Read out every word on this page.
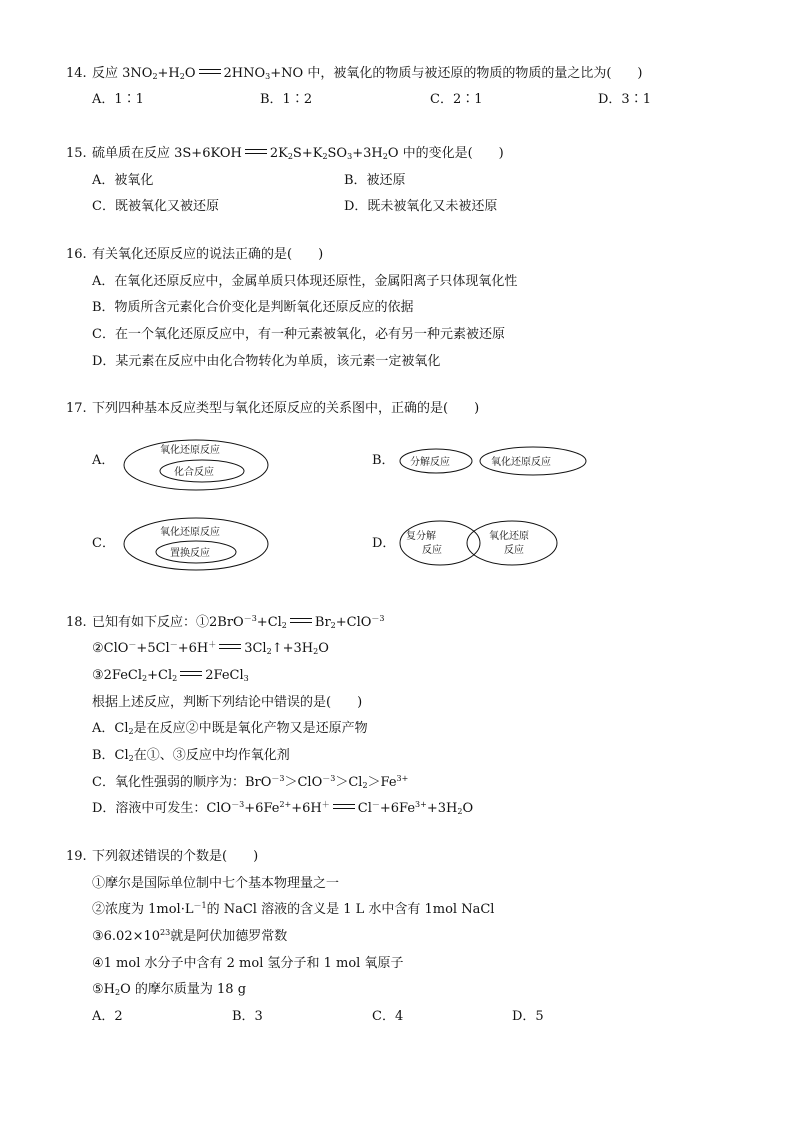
14. 反应 $3NO_2+H_2O$ $2HNO_3+NO$ 中，被氧化的物质与被还原的物质的物质的量之比为(　　)
A．1∶1	B．1∶2	C．2∶1	D．3∶1
15. 硫单质在反应 3S+6KOH $2K_2S+K_2SO_3+3H_2O$ 中的变化是(　　)
A．被氧化	B．被还原
C．既被氧化又被还原	D．既未被氧化又未被还原
16. 有关氧化还原反应的说法正确的是(　　)
A．在氧化还原反应中，金属单质只体现还原性，金属阳离子只体现氧化性
B．物质所含元素化合价变化是判断氧化还原反应的依据
C．在一个氧化还原反应中，有一种元素被氧化，必有另一种元素被还原
D．某元素在反应中由化合物转化为单质，该元素一定被氧化
17. 下列四种基本反应类型与氧化还原反应的关系图中，正确的是(　　)
A．
氧化还原反应
化合反应
B． 分解反应	氧化还原反应
C．
氧化还原反应
置换反应
D． 复分解
反应
氧化还原
反应
18. 已知有如下反应：$①2BrO^{-3}+Cl_2$ $Br_2+ClO^{-3}$
②ClO－+5Cl－+6H＋ $3Cl_2↑+3H_2O$
$③2FeCl_2+Cl_2$ 2FeCl$_3$
根据上述反应，判断下列结论中错误的是(　　)
A．$Cl_2$是在反应②中既是氧化产物又是还原产物
B．$Cl_2$在①、③反应中均作氧化剂
C．氧化性强弱的顺序为：$BrO^{-3}>ClO^{-3}>Cl_2>Fe^{3+}$
D．溶液中可发生：$ClO^{-3}+6Fe^{2+}+6H^+$ $Cl^-+6Fe^{3+}+3H_2O$
19. 下列叙述错误的个数是(　　)
①摩尔是国际单位制中七个基本物理量之一
②浓度为 $1mol\cdot L^{-1}$的 NaCl 溶液的含义是 1 L 水中含有 1mol NaCl
$③6.02\times 10^{23}$就是阿伏加德罗常数
④1 mol 水分子中含有 2 mol 氢分子和 1 mol 氧原子
$⑤H_2O$ 的摩尔质量为 18 g
A．2	B．3	C．4	D．5
